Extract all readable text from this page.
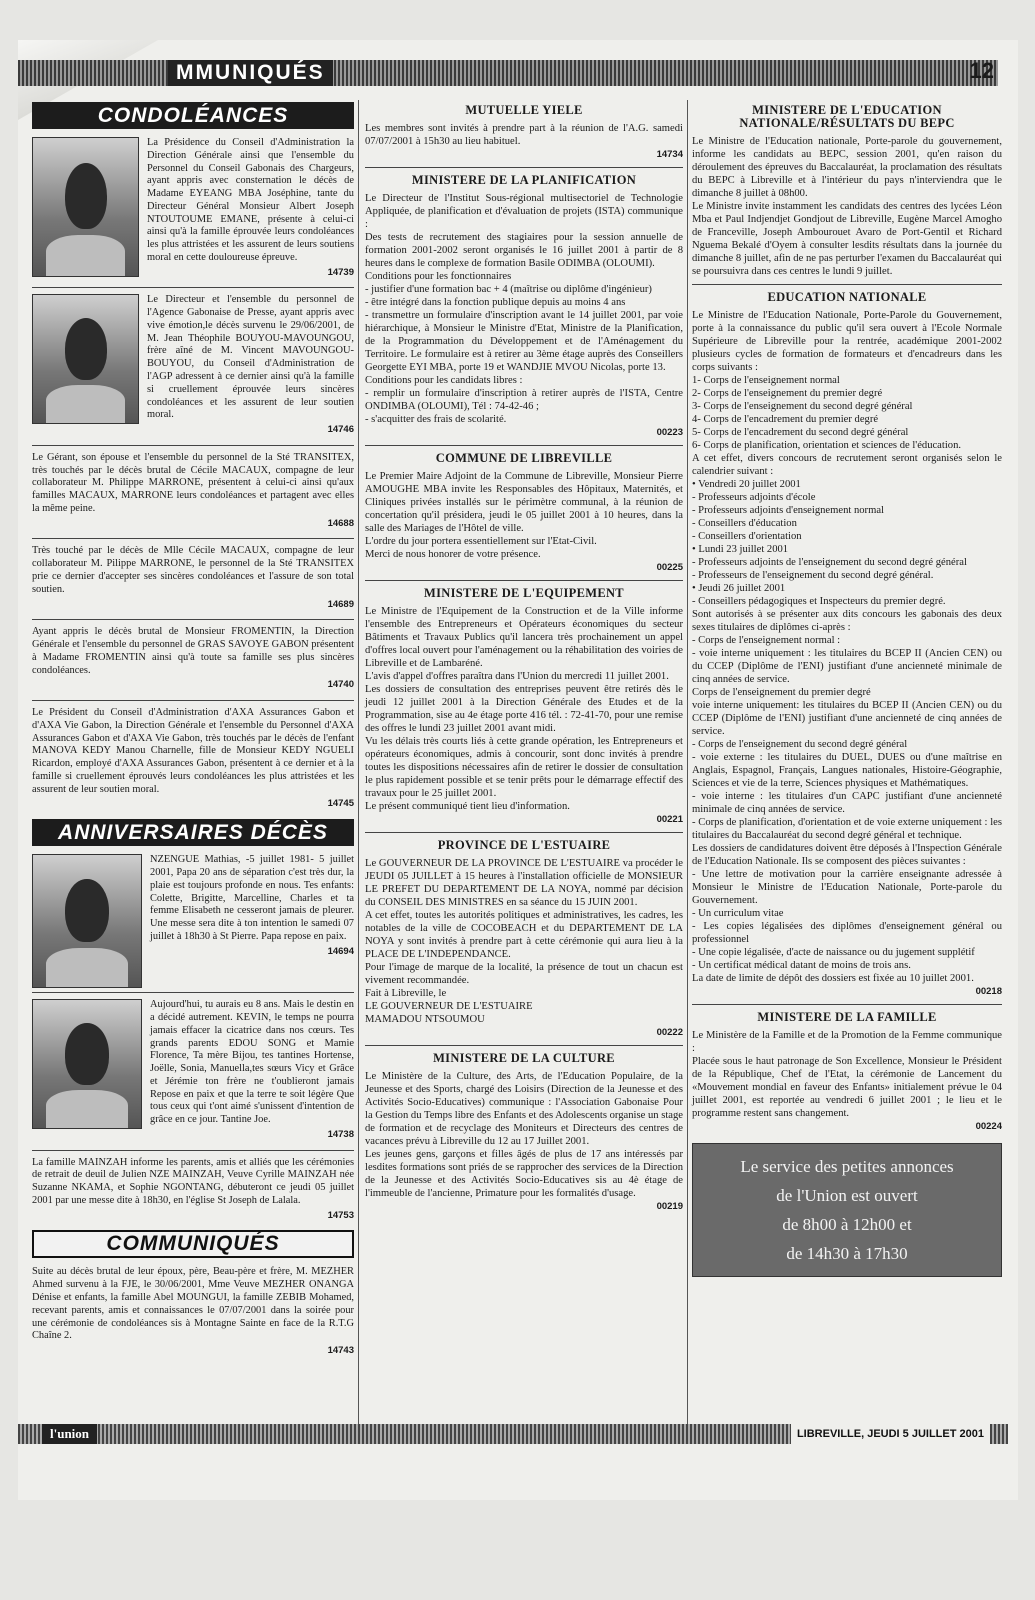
MMUNIQUÉS	12
CONDOLÉANCES

La Présidence du Conseil d'Administration la Direction Générale ainsi que l'ensemble du Personnel du Conseil Gabonais des Chargeurs, ayant appris avec consternation le décès de Madame EYEANG MBA Joséphine, tante du Directeur Général Monsieur Albert Joseph NTOUTOUME EMANE, présente à celui-ci ainsi qu'à la famille éprouvée leurs condoléances les plus attristées et les assurent de leurs soutiens moral en cette douloureuse épreuve.

14739

Le Directeur et l'ensemble du personnel de l'Agence Gabonaise de Presse, ayant appris avec vive émotion,le décès survenu le 29/06/2001, de M. Jean Théophile BOUYOU-MAVOUNGOU, frère aîné de M. Vincent MAVOUNGOU-BOUYOU, du Conseil d'Administration de l'AGP adressent à ce dernier ainsi qu'à la famille si cruellement éprouvée leurs sincères condoléances et les assurent de leur soutien moral.

14746

Le Gérant, son épouse et l'ensemble du personnel de la Sté TRANSITEX, très touchés par le décès brutal de Cécile MACAUX, compagne de leur collaborateur M. Philippe MARRONE, présentent à celui-ci ainsi qu'aux familles MACAUX, MARRONE leurs condoléances et partagent avec elles la même peine.

14688

Très touché par le décès de Mlle Cécile MACAUX, compagne de leur collaborateur M. Pilippe MARRONE, le personnel de la Sté TRANSITEX prie ce dernier d'accepter ses sincères condoléances et l'assure de son total soutien.

14689

Ayant appris le décès brutal de Monsieur FROMENTIN, la Direction Générale et l'ensemble du personnel de GRAS SAVOYE GABON présentent à Madame FROMENTIN ainsi qu'à toute sa famille ses plus sincères condoléances.

14740

Le Président du Conseil d'Administration d'AXA Assurances Gabon et d'AXA Vie Gabon, la Direction Générale et l'ensemble du Personnel d'AXA Assurances Gabon et d'AXA Vie Gabon, très touchés par le décès de l'enfant MANOVA KEDY Manou Charnelle, fille de Monsieur KEDY NGUELI Ricardon, employé d'AXA Assurances Gabon, présentent à ce dernier et à la famille si cruellement éprouvés leurs condoléances les plus attristées et les assurent de leur soutien moral.

14745
ANNIVERSAIRES DÉCÈS

NZENGUE Mathias, -5 juillet 1981- 5 juillet 2001, Papa 20 ans de séparation c'est très dur, la plaie est toujours profonde en nous. Tes enfants: Colette, Brigitte, Marcelline, Charles et ta femme Elisabeth ne cesseront jamais de pleurer. Une messe sera dite à ton intention le samedi 07 juillet à 18h30 à St Pierre. Papa repose en paix.

14694

Aujourd'hui, tu aurais eu 8 ans. Mais le destin en a décidé autrement. KEVIN, le temps ne pourra jamais effacer la cicatrice dans nos cœurs. Tes grands parents EDOU SONG et Mamie Florence, Ta mère Bijou, tes tantines Hortense, Joëlle, Sonia, Manuella,tes sœurs Vicy et Grâce et Jérémie ton frère ne t'oublieront jamais Repose en paix et que la terre te soit légère Que tous ceux qui t'ont aimé s'unissent d'intention de grâce en ce jour. Tantine Joe.

14738

La famille MAINZAH informe les parents, amis et alliés que les cérémonies de retrait de deuil de Julien NZE MAINZAH, Veuve Cyrille MAINZAH née Suzanne NKAMA, et Sophie NGONTANG, débuteront ce jeudi 05 juillet 2001 par une messe dite à 18h30, en l'église St Joseph de Lalala.

14753
COMMUNIQUÉS

Suite au décès brutal de leur époux, père, Beau-père et frère, M. MEZHER Ahmed survenu à la FJE, le 30/06/2001, Mme Veuve MEZHER ONANGA Dénise et enfants, la famille Abel MOUNGUI, la famille ZEBIB Mohamed, recevant parents, amis et connaissances le 07/07/2001 dans la soirée pour une cérémonie de condoléances sis à Montagne Sainte en face de la R.T.G Chaîne 2.

14743
MUTUELLE YIELE

Les membres sont invités à prendre part à la réunion de l'A.G. samedi 07/07/2001 à 15h30 au lieu habituel.

14734
MINISTERE DE LA PLANIFICATION

Le Directeur de l'Institut Sous-régional multisectoriel de Technologie Appliquée, de planification et d'évaluation de projets (ISTA) communique :

Des tests de recrutement des stagiaires pour la session annuelle de formation 2001-2002 seront organisés le 16 juillet 2001 à partir de 8 heures dans le complexe de formation Basile ODIMBA (OLOUMI).

Conditions pour les fonctionnaires

- justifier d'une formation bac + 4 (maîtrise ou diplôme d'ingénieur)

- être intégré dans la fonction publique depuis au moins 4 ans

- transmettre un formulaire d'inscription avant le 14 juillet 2001, par voie hiérarchique, à Monsieur le Ministre d'Etat, Ministre de la Planification, de la Programmation du Développement et de l'Aménagement du Territoire. Le formulaire est à retirer au 3ème étage auprès des Conseillers Georgette EYI MBA, porte 19 et WANDJIE MVOU Nicolas, porte 13.

Conditions pour les candidats libres :

- remplir un formulaire d'inscription à retirer auprès de l'ISTA, Centre ONDIMBA (OLOUMI), Tél : 74-42-46 ;

- s'acquitter des frais de scolarité.

00223
COMMUNE DE LIBREVILLE

Le Premier Maire Adjoint de la Commune de Libreville, Monsieur Pierre AMOUGHE MBA invite les Responsables des Hôpitaux, Maternités, et Cliniques privées installés sur le périmètre communal, à la réunion de concertation qu'il présidera, jeudi le 05 juillet 2001 à 10 heures, dans la salle des Mariages de l'Hôtel de ville.

L'ordre du jour portera essentiellement sur l'Etat-Civil.

Merci de nous honorer de votre présence.

00225
MINISTERE DE L'EQUIPEMENT

Le Ministre de l'Equipement de la Construction et de la Ville informe l'ensemble des Entrepreneurs et Opérateurs économiques du secteur Bâtiments et Travaux Publics qu'il lancera très prochainement un appel d'offres local ouvert pour l'aménagement ou la réhabilitation des voiries de Libreville et de Lambaréné.

L'avis d'appel d'offres paraîtra dans l'Union du mercredi 11 juillet 2001.

Les dossiers de consultation des entreprises peuvent être retirés dès le jeudi 12 juillet 2001 à la Direction Générale des Etudes et de la Programmation, sise au 4e étage porte 416 tél. : 72-41-70, pour une remise des offres le lundi 23 juillet 2001 avant midi.

Vu les délais très courts liés à cette grande opération, les Entrepreneurs et opérateurs économiques, admis à concourir, sont donc invités à prendre toutes les dispositions nécessaires afin de retirer le dossier de consultation le plus rapidement possible et se tenir prêts pour le démarrage effectif des travaux pour le 25 juillet 2001.

Le présent communiqué tient lieu d'information.

00221
PROVINCE DE L'ESTUAIRE

Le GOUVERNEUR DE LA PROVINCE DE L'ESTUAIRE va procéder le JEUDI 05 JUILLET à 15 heures à l'installation officielle de MONSIEUR LE PREFET DU DEPARTEMENT DE LA NOYA, nommé par décision du CONSEIL DES MINISTRES en sa séance du 15 JUIN 2001.

A cet effet, toutes les autorités politiques et administratives, les cadres, les notables de la ville de COCOBEACH et du DEPARTEMENT DE LA NOYA y sont invités à prendre part à cette cérémonie qui aura lieu à la PLACE DE L'INDEPENDANCE.

Pour l'image de marque de la localité, la présence de tout un chacun est vivement recommandée.

Fait à Libreville, le

LE GOUVERNEUR DE L'ESTUAIRE

MAMADOU NTSOUMOU

00222
MINISTERE DE LA CULTURE

Le Ministère de la Culture, des Arts, de l'Education Populaire, de la Jeunesse et des Sports, chargé des Loisirs (Direction de la Jeunesse et des Activités Socio-Educatives) communique : l'Association Gabonaise Pour la Gestion du Temps libre des Enfants et des Adolescents organise un stage de formation et de recyclage des Moniteurs et Directeurs des centres de vacances prévu à Libreville du 12 au 17 Juillet 2001.

Les jeunes gens, garçons et filles âgés de plus de 17 ans intéressés par lesdites formations sont priés de se rapprocher des services de la Direction de la Jeunesse et des Activités Socio-Educatives sis au 4è étage de l'immeuble de l'ancienne, Primature pour les formalités d'usage.

00219
MINISTERE DE L'EDUCATION NATIONALE/RÉSULTATS DU BEPC

Le Ministre de l'Education nationale, Porte-parole du gouvernement, informe les candidats au BEPC, session 2001, qu'en raison du déroulement des épreuves du Baccalauréat, la proclamation des résultats du BEPC à Libreville et à l'intérieur du pays n'interviendra que le dimanche 8 juillet à 08h00.

Le Ministre invite instamment les candidats des centres des lycées Léon Mba et Paul Indjendjet Gondjout de Libreville, Eugène Marcel Amogho de Franceville, Joseph Ambourouet Avaro de Port-Gentil et Richard Nguema Bekalé d'Oyem à consulter lesdits résultats dans la journée du dimanche 8 juillet, afin de ne pas perturber l'examen du Baccalauréat qui se poursuivra dans ces centres le lundi 9 juillet.

EDUCATION NATIONALE

Le Ministre de l'Education Nationale, Porte-Parole du Gouvernement, porte à la connaissance du public qu'il sera ouvert à l'Ecole Normale Supérieure de Libreville pour la rentrée, académique 2001-2002 plusieurs cycles de formation de formateurs et d'encadreurs dans les corps suivants :

1- Corps de l'enseignement normal

2- Corps de l'enseignement du premier degré

3- Corps de l'enseignement du second degré général

4- Corps de l'encadrement du premier degré

5- Corps de l'encadrement du second degré général

6- Corps de planification, orientation et sciences de l'éducation.

A cet effet, divers concours de recrutement seront organisés selon le calendrier suivant :

• Vendredi 20 juillet 2001

- Professeurs adjoints d'école

- Professeurs adjoints d'enseignement normal

- Conseillers d'éducation

- Conseillers d'orientation

• Lundi 23 juillet 2001

- Professeurs adjoints de l'enseignement du second degré général

- Professeurs de l'enseignement du second degré général.

• Jeudi 26 juillet 2001

- Conseillers pédagogiques et Inspecteurs du premier degré.

Sont autorisés à se présenter aux dits concours les gabonais des deux sexes titulaires de diplômes ci-après :

- Corps de l'enseignement normal :

- voie interne uniquement : les titulaires du BCEP II (Ancien CEN) ou du CCEP (Diplôme de l'ENI) justifiant d'une ancienneté minimale de cinq années de service.

Corps de l'enseignement du premier degré

voie interne uniquement: les titulaires du BCEP II (Ancien CEN) ou du CCEP (Diplôme de l'ENI) justifiant d'une ancienneté de cinq années de service.

- Corps de l'enseignement du second degré général

- voie externe : les titulaires du DUEL, DUES ou d'une maîtrise en Anglais, Espagnol, Français, Langues nationales, Histoire-Géographie, Sciences et vie de la terre, Sciences physiques et Mathématiques.

- voie interne : les titulaires d'un CAPC justifiant d'une ancienneté minimale de cinq années de service.

- Corps de planification, d'orientation et de voie externe uniquement : les titulaires du Baccalauréat du second degré général et technique.

Les dossiers de candidatures doivent être déposés à l'Inspection Générale de l'Education Nationale. Ils se composent des pièces suivantes :

- Une lettre de motivation pour la carrière enseignante adressée à Monsieur le Ministre de l'Education Nationale, Porte-parole du Gouvernement.

- Un curriculum vitae

- Les copies légalisées des diplômes d'enseignement général ou professionnel

- Une copie légalisée, d'acte de naissance ou du jugement supplétif

- Un certificat médical datant de moins de trois ans.

La date de limite de dépôt des dossiers est fixée au 10 juillet 2001.

00218
MINISTERE DE LA FAMILLE

Le Ministère de la Famille et de la Promotion de la Femme communique :

Placée sous le haut patronage de Son Excellence, Monsieur le Président de la République, Chef de l'Etat, la cérémonie de Lancement du «Mouvement mondial en faveur des Enfants» initialement prévue le 04 juillet 2001, est reportée au vendredi 6 juillet 2001 ; le lieu et le programme restent sans changement.

00224
Le service des petites annonces
de l'Union est ouvert
de 8h00 à 12h00 et
de 14h30 à 17h30
l'union	LIBREVILLE, JEUDI 5 JUILLET 2001
